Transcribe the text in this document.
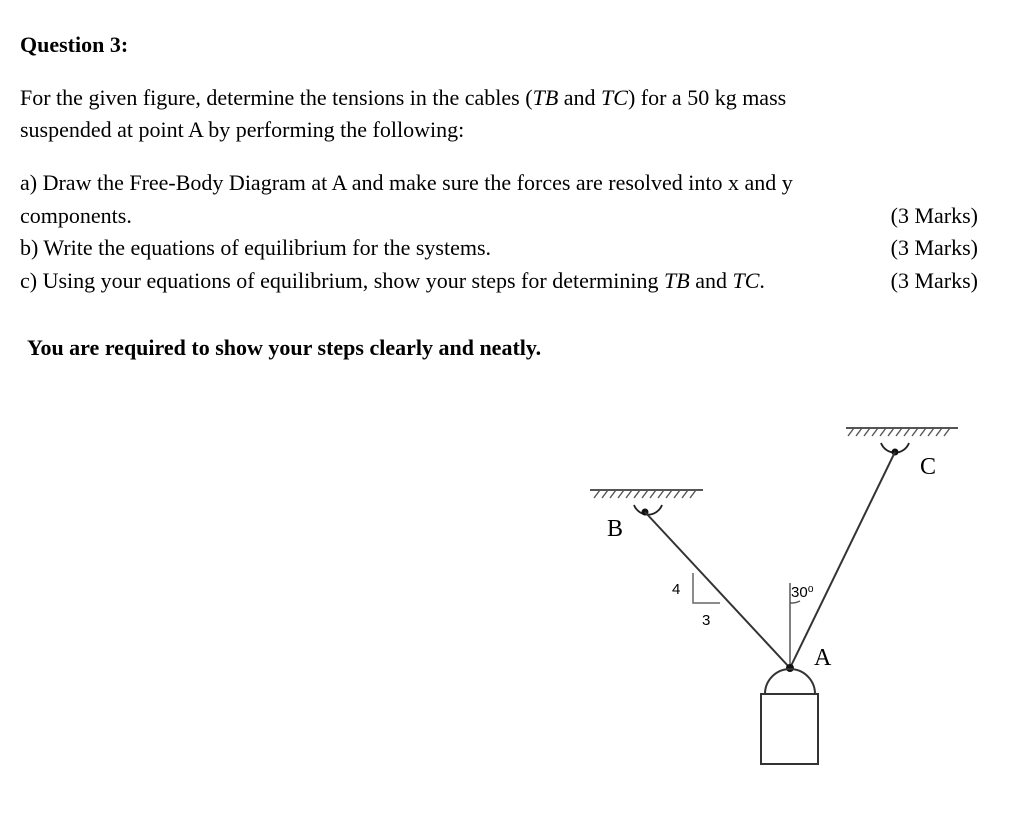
Question 3:
For the given figure, determine the tensions in the cables (TB and TC) for a 50 kg mass
suspended at point A by performing the following:
a) Draw the Free-Body Diagram at A and make sure the forces are resolved into x and y
components.	(3 Marks)
b) Write the equations of equilibrium for the systems.	(3 Marks)
c) Using your equations of equilibrium, show your steps for determining TB and TC.	(3 Marks)
You are required to show your steps clearly and neatly.
B
C
A
4
3
30⁰
